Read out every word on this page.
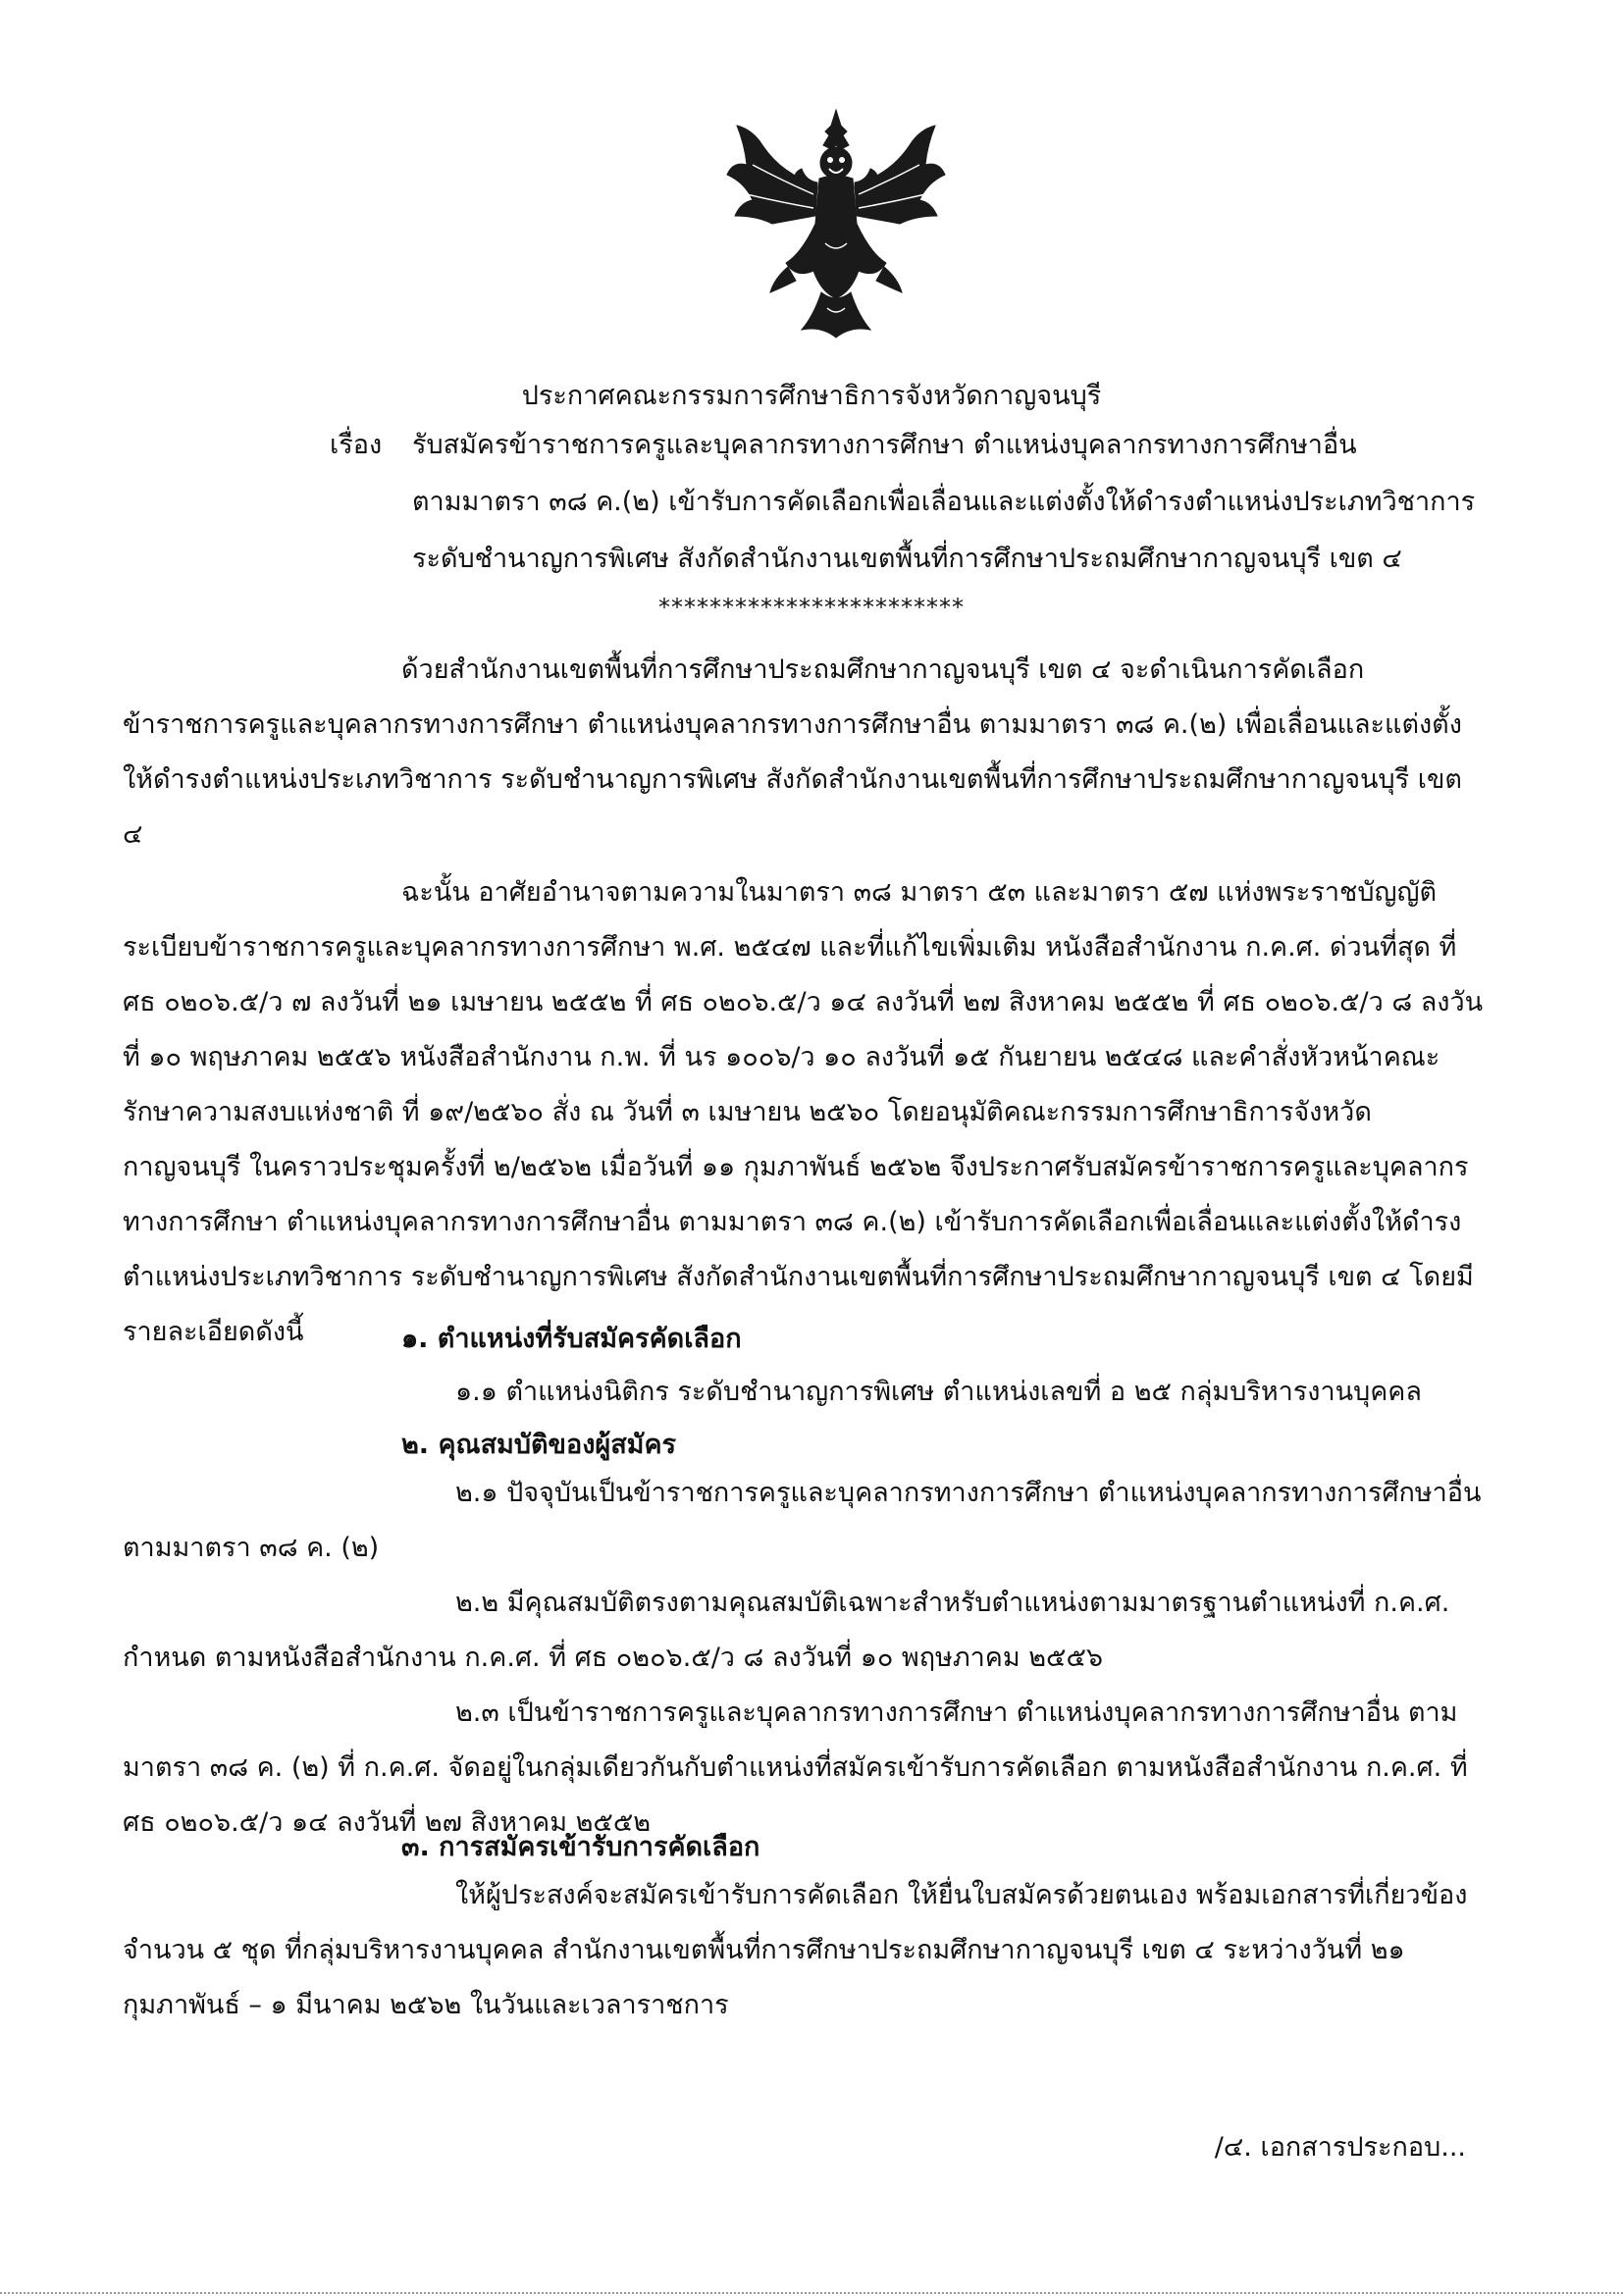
ประกาศคณะกรรมการศึกษาธิการจังหวัดกาญจนบุรี
เรื่อง รับสมัครข้าราชการครูและบุคลากรทางการศึกษา ตำแหน่งบุคลากรทางการศึกษาอื่น
ตามมาตรา ๓๘ ค.(๒) เข้ารับการคัดเลือกเพื่อเลื่อนและแต่งตั้งให้ดำรงตำแหน่งประเภทวิชาการ
ระดับชำนาญการพิเศษ สังกัดสำนักงานเขตพื้นที่การศึกษาประถมศึกษากาญจนบุรี เขต ๔
************************

ด้วยสำนักงานเขตพื้นที่การศึกษาประถมศึกษากาญจนบุรี เขต ๔ จะดำเนินการคัดเลือกข้าราชการครูและบุคลากรทางการศึกษา ตำแหน่งบุคลากรทางการศึกษาอื่น ตามมาตรา ๓๘ ค.(๒) เพื่อเลื่อนและแต่งตั้งให้ดำรงตำแหน่งประเภทวิชาการ ระดับชำนาญการพิเศษ สังกัดสำนักงานเขตพื้นที่การศึกษาประถมศึกษากาญจนบุรี เขต ๔

ฉะนั้น อาศัยอำนาจตามความในมาตรา ๓๘ มาตรา ๕๓ และมาตรา ๕๗ แห่งพระราชบัญญัติระเบียบข้าราชการครูและบุคลากรทางการศึกษา พ.ศ. ๒๕๔๗ และที่แก้ไขเพิ่มเติม หนังสือสำนักงาน ก.ค.ศ. ด่วนที่สุด ที่ ศธ ๐๒๐๖.๕/ว ๗ ลงวันที่ ๒๑ เมษายน ๒๕๕๒ ที่ ศธ ๐๒๐๖.๕/ว ๑๔ ลงวันที่ ๒๗ สิงหาคม ๒๕๕๒ ที่ ศธ ๐๒๐๖.๕/ว ๘ ลงวันที่ ๑๐ พฤษภาคม ๒๕๕๖ หนังสือสำนักงาน ก.พ. ที่ นร ๑๐๐๖/ว ๑๐ ลงวันที่ ๑๕ กันยายน ๒๕๔๘ และคำสั่งหัวหน้าคณะรักษาความสงบแห่งชาติ ที่ ๑๙/๒๕๖๐ สั่ง ณ วันที่ ๓ เมษายน ๒๕๖๐ โดยอนุมัติคณะกรรมการศึกษาธิการจังหวัดกาญจนบุรี ในคราวประชุมครั้งที่ ๒/๒๕๖๒ เมื่อวันที่ ๑๑ กุมภาพันธ์ ๒๕๖๒ จึงประกาศรับสมัครข้าราชการครูและบุคลากรทางการศึกษา ตำแหน่งบุคลากรทางการศึกษาอื่น ตามมาตรา ๓๘ ค.(๒) เข้ารับการคัดเลือกเพื่อเลื่อนและแต่งตั้งให้ดำรงตำแหน่งประเภทวิชาการ ระดับชำนาญการพิเศษ สังกัดสำนักงานเขตพื้นที่การศึกษาประถมศึกษากาญจนบุรี เขต ๔ โดยมีรายละเอียดดังนี้	๑. ตำแหน่งที่รับสมัครคัดเลือก
๑.๑ ตำแหน่งนิติกร ระดับชำนาญการพิเศษ ตำแหน่งเลขที่ อ ๒๕ กลุ่มบริหารงานบุคคล
๒. คุณสมบัติของผู้สมัคร

๒.๑ ปัจจุบันเป็นข้าราชการครูและบุคลากรทางการศึกษา ตำแหน่งบุคลากรทางการศึกษาอื่น ตามมาตรา ๓๘ ค. (๒)

๒.๒ มีคุณสมบัติตรงตามคุณสมบัติเฉพาะสำหรับตำแหน่งตามมาตรฐานตำแหน่งที่ ก.ค.ศ. กำหนด ตามหนังสือสำนักงาน ก.ค.ศ. ที่ ศธ ๐๒๐๖.๕/ว ๘ ลงวันที่ ๑๐ พฤษภาคม ๒๕๕๖

๒.๓ เป็นข้าราชการครูและบุคลากรทางการศึกษา ตำแหน่งบุคลากรทางการศึกษาอื่น ตามมาตรา ๓๘ ค. (๒) ที่ ก.ค.ศ. จัดอยู่ในกลุ่มเดียวกันกับตำแหน่งที่สมัครเข้ารับการคัดเลือก ตามหนังสือสำนักงาน ก.ค.ศ. ที่ ศธ ๐๒๐๖.๕/ว ๑๔ ลงวันที่ ๒๗ สิงหาคม ๒๕๕๒

๓. การสมัครเข้ารับการคัดเลือก

ให้ผู้ประสงค์จะสมัครเข้ารับการคัดเลือก ให้ยื่นใบสมัครด้วยตนเอง พร้อมเอกสารที่เกี่ยวข้อง จำนวน ๕ ชุด ที่กลุ่มบริหารงานบุคคล สำนักงานเขตพื้นที่การศึกษาประถมศึกษากาญจนบุรี เขต ๔ ระหว่างวันที่ ๒๑ กุมภาพันธ์ – ๑ มีนาคม ๒๕๖๒ ในวันและเวลาราชการ

/๔. เอกสารประกอบ...
